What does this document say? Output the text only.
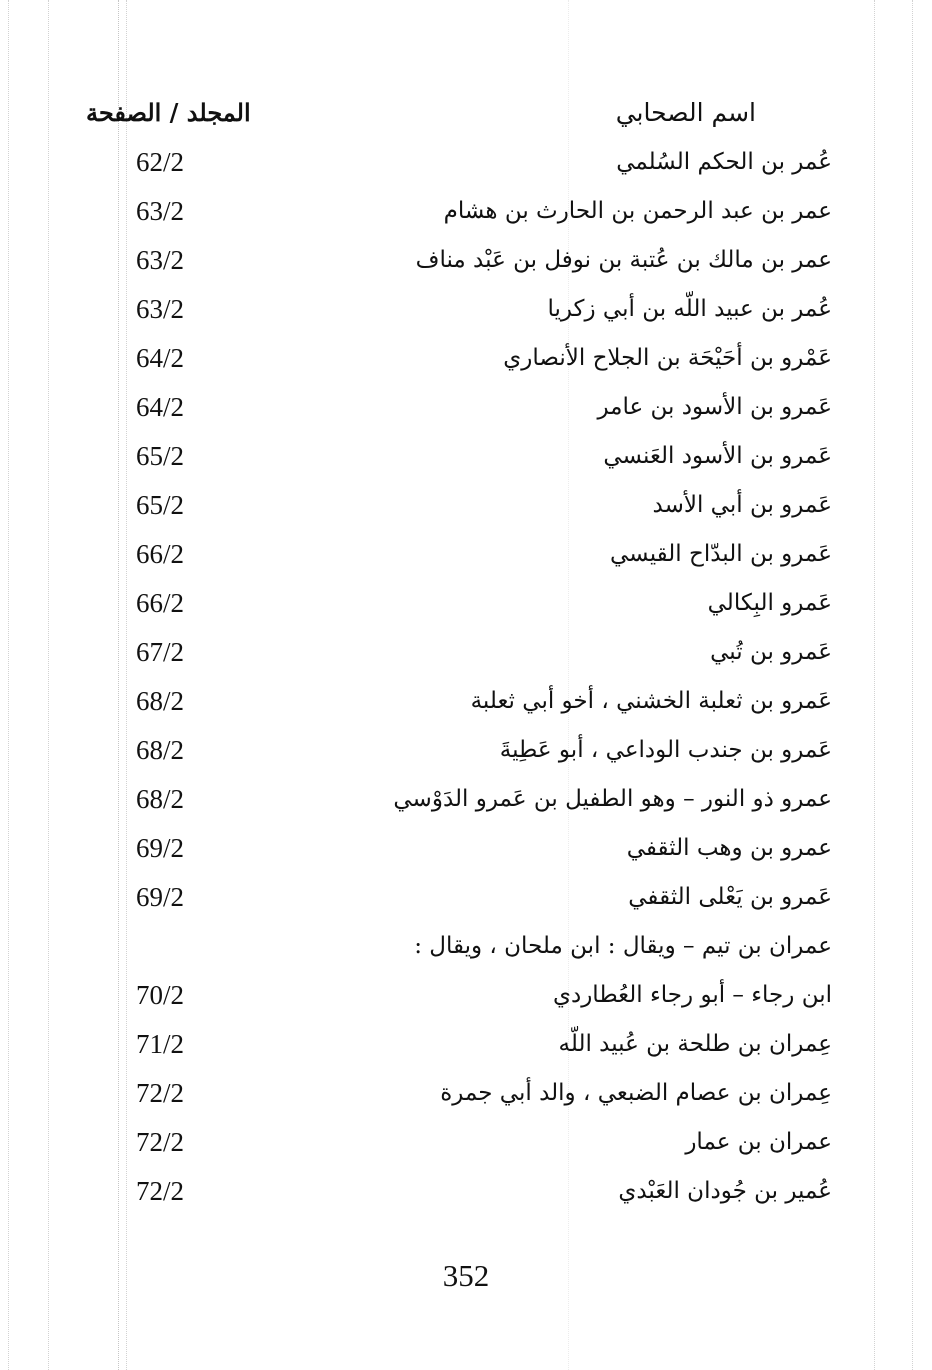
اسم الصحابي
المجلد / الصفحة
عُمر بن الحكم السُلمي
62/2
عمر بن عبد الرحمن بن الحارث بن هشام
63/2
عمر بن مالك بن عُتبة بن نوفل بن عَبْد مناف
63/2
عُمر بن عبيد اللّه بن أبي زكريا
63/2
عَمْرو بن أحَيْحَة بن الجلاح الأنصاري
64/2
عَمرو بن الأسود بن عامر
64/2
عَمرو بن الأسود العَنسي
65/2
عَمرو بن أبي الأسد
65/2
عَمرو بن البدّاح القيسي
66/2
عَمرو البِكالي
66/2
عَمرو بن تُبي
67/2
عَمرو بن ثعلبة الخشني ، أخو أبي ثعلبة
68/2
عَمرو بن جندب الوداعي ، أبو عَطِيةَ
68/2
عمرو ذو النور – وهو الطفيل بن عَمرو الدَوْسي
68/2
عمرو بن وهب الثقفي
69/2
عَمرو بن يَعْلى الثقفي
69/2
عمران بن تيم – ويقال : ابن ملحان ، ويقال :
ابن رجاء – أبو رجاء العُطاردي
70/2
عِمران بن طلحة بن عُبيد اللّه
71/2
عِمران بن عصام الضبعي ، والد أبي جمرة
72/2
عمران بن عمار
72/2
عُمير بن جُودان العَبْدي
72/2
352
